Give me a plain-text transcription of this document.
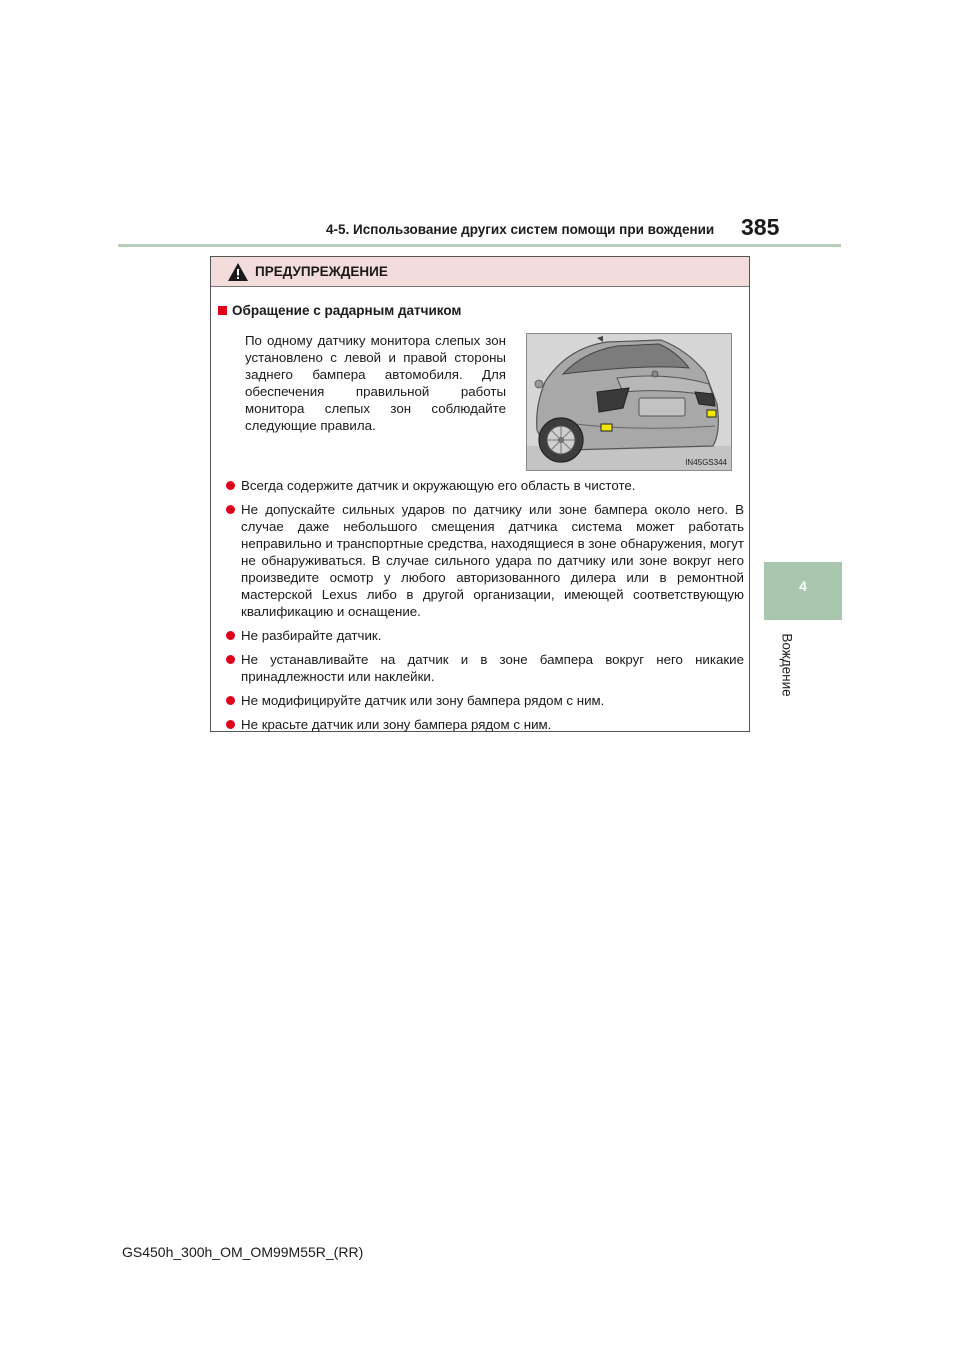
4-5. Использование других систем помощи при вождении 385
4
Вождение
ПРЕДУПРЕЖДЕНИЕ
Обращение с радарным датчиком
По одному датчику монитора слепых зон установлено с левой и правой стороны заднего бампера автомобиля. Для обеспечения правильной работы монитора слепых зон соблюдайте следующие правила.
IN45GS344
Всегда содержите датчик и окружающую его область в чистоте.
Не допускайте сильных ударов по датчику или зоне бампера около него. В случае даже небольшого смещения датчика система может работать неправильно и транспортные средства, находящиеся в зоне обнаружения, могут не обнаруживаться. В случае сильного удара по датчику или зоне вокруг него произведите осмотр у любого авторизованного дилера или в ремонтной мастерской Lexus либо в другой организации, имеющей соответствующую квалификацию и оснащение.
Не разбирайте датчик.
Не устанавливайте на датчик и в зоне бампера вокруг него никакие принадлежности или наклейки.
Не модифицируйте датчик или зону бампера рядом с ним.
Не красьте датчик или зону бампера рядом с ним.
GS450h_300h_OM_OM99M55R_(RR)
